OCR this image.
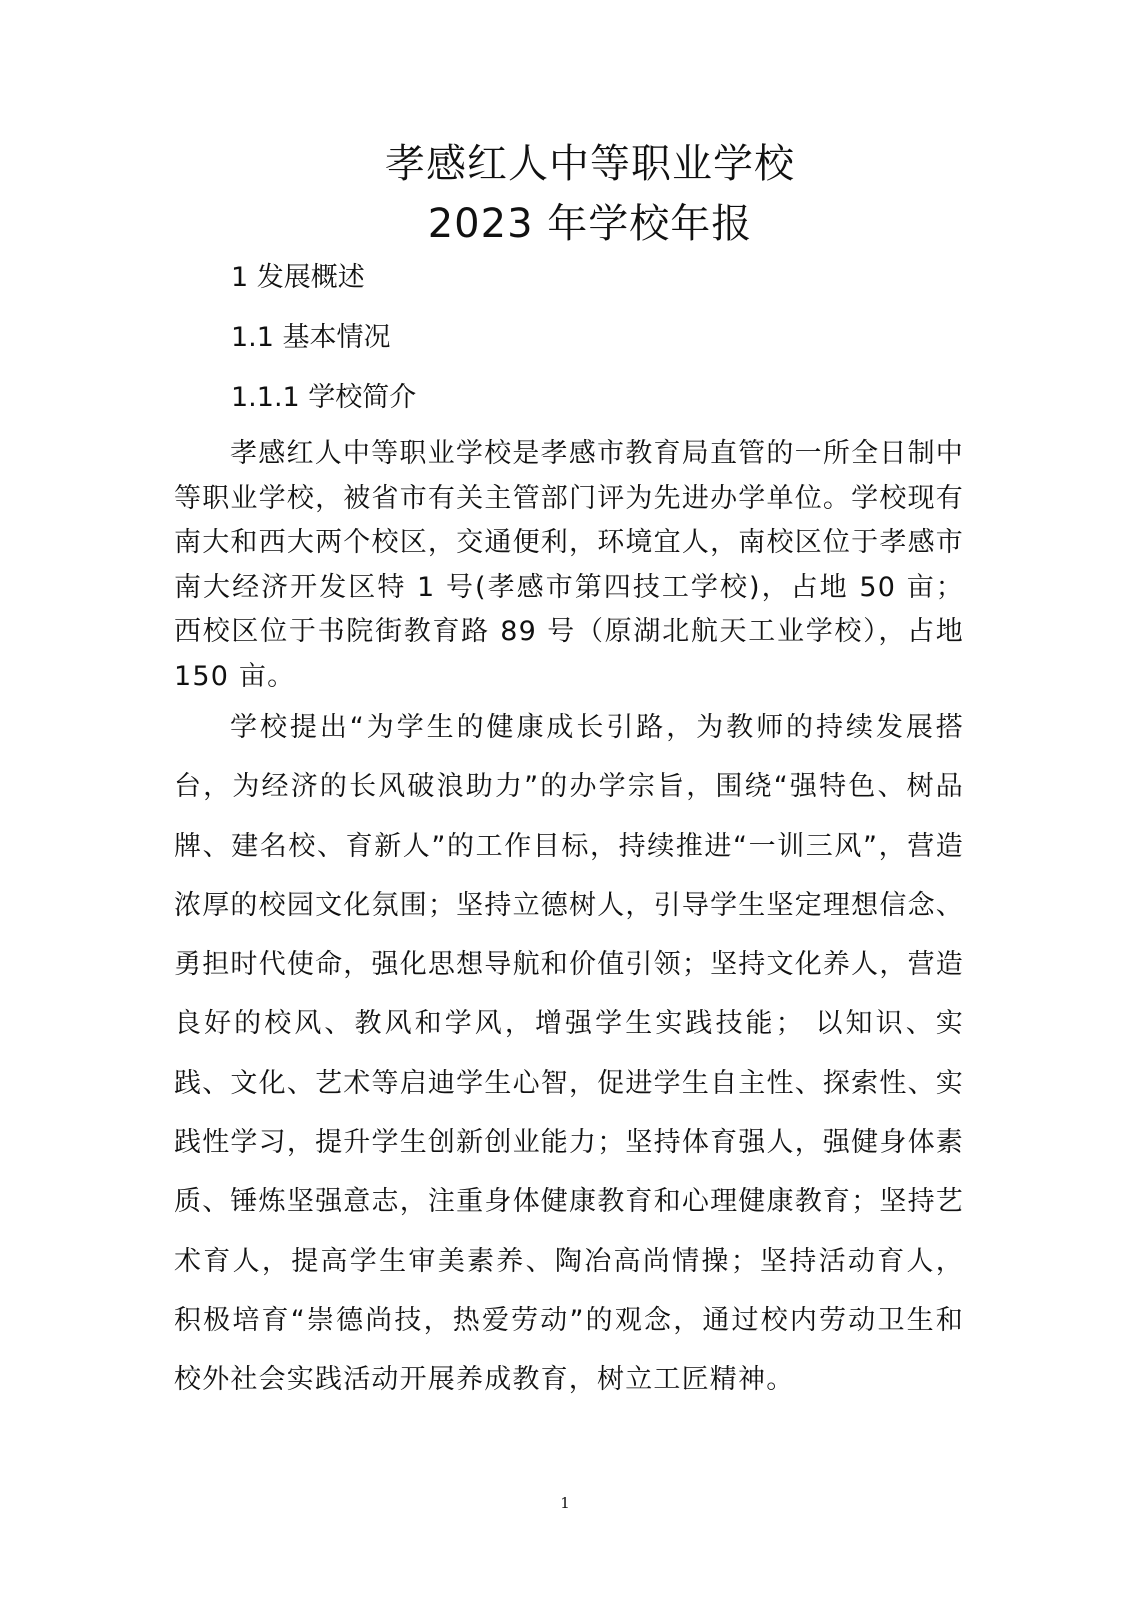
孝感红人中等职业学校
2023 年学校年报
1 发展概述
1.1 基本情况
1.1.1 学校简介

孝感红人中等职业学校是孝感市教育局直管的一所全日制中等职业学校，被省市有关主管部门评为先进办学单位。学校现有南大和西大两个校区，交通便利，环境宜人，南校区位于孝感市南大经济开发区特 1 号(孝感市第四技工学校)，占地 50 亩；西校区位于书院街教育路 89 号（原湖北航天工业学校），占地 150 亩。

学校提出“为学生的健康成长引路，为教师的持续发展搭台，为经济的长风破浪助力”的办学宗旨，围绕“强特色、树品牌、建名校、育新人”的工作目标，持续推进“一训三风”，营造浓厚的校园文化氛围；坚持立德树人，引导学生坚定理想信念、勇担时代使命，强化思想导航和价值引领；坚持文化养人，营造良好的校风、教风和学风，增强学生实践技能； 以知识、实践、文化、艺术等启迪学生心智，促进学生自主性、探索性、实践性学习，提升学生创新创业能力；坚持体育强人，强健身体素质、锤炼坚强意志，注重身体健康教育和心理健康教育；坚持艺术育人，提高学生审美素养、陶冶高尚情操；坚持活动育人， 积极培育“崇德尚技，热爱劳动”的观念，通过校内劳动卫生和校外社会实践活动开展养成教育，树立工匠精神。

1
